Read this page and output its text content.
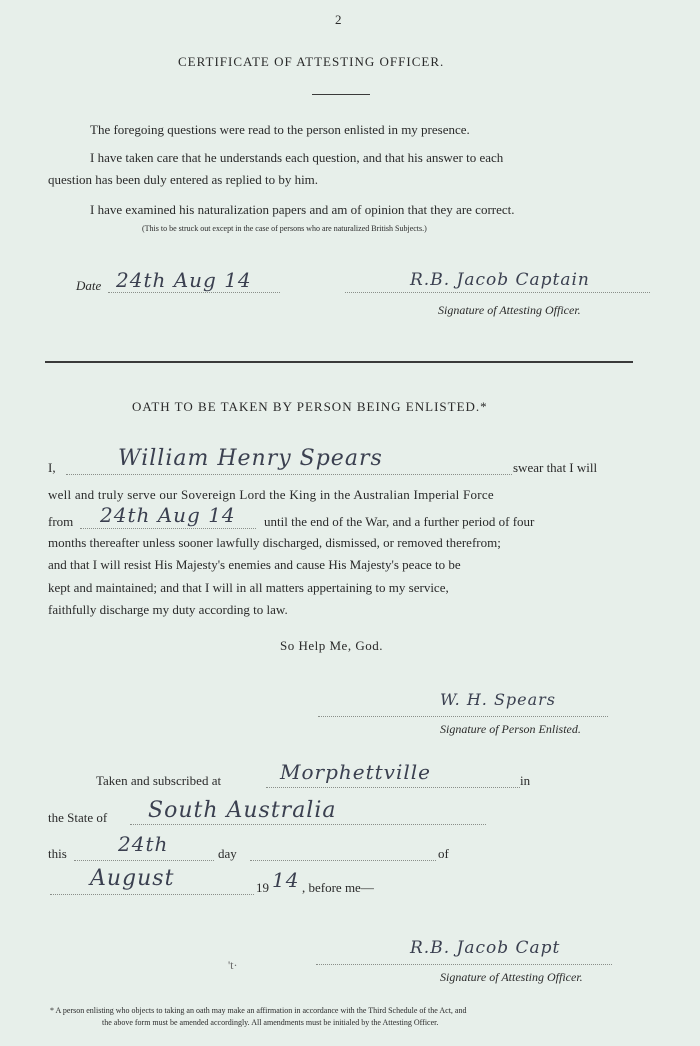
2
CERTIFICATE OF ATTESTING OFFICER.
The foregoing questions were read to the person enlisted in my presence.
I have taken care that he understands each question, and that his answer to each
question has been duly entered as replied to by him.
I have examined his naturalization papers and am of opinion that they are correct.
(This to be struck out except in the case of persons who are naturalized British Subjects.)
Date 24th Aug 14	R.B. Jacob Captain
Signature of Attesting Officer.
OATH TO BE TAKEN BY PERSON BEING ENLISTED.*
I,	William Henry Spears	swear that I will
well and truly serve our Sovereign Lord the King in the Australian Imperial Force
from 24th Aug 14 until the end of the War, and a further period of four
months thereafter unless sooner lawfully discharged, dismissed, or removed therefrom;
and that I will resist His Majesty's enemies and cause His Majesty's peace to be
kept and maintained; and that I will in all matters appertaining to my service,
faithfully discharge my duty according to law.
So Help Me, God.
W. H. Spears
Signature of Person Enlisted.
Taken and subscribed at	Morphettville	in
the State of South Australia
this	24th	day	of
August	19 14 , before me—
't·
R.B. Jacob Capt
Signature of Attesting Officer.
* A person enlisting who objects to taking an oath may make an affirmation in accordance with the Third Schedule of the Act, and
the above form must be amended accordingly. All amendments must be initialed by the Attesting Officer.
